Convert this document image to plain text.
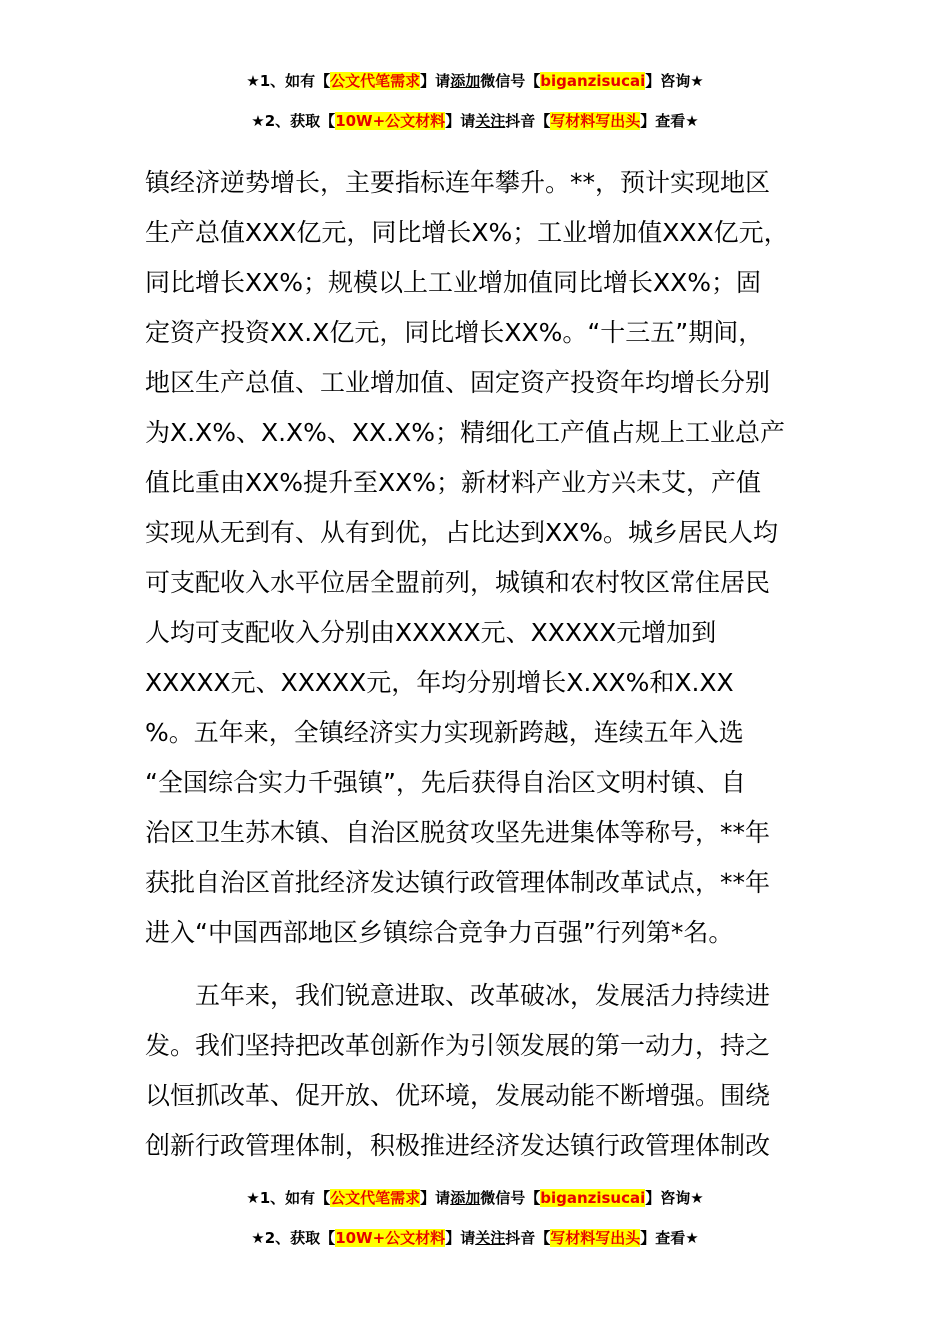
★1、如有【公文代笔需求】请添加微信号【biganzisucai】咨询★
★2、获取【10W+公文材料】请关注抖音【写材料写出头】查看★
镇经济逆势增长，主要指标连年攀升。**，预计实现地区
生产总值XXX亿元，同比增长X%；工业增加值XXX亿元，
同比增长XX%；规模以上工业增加值同比增长XX%；固
定资产投资XX.X亿元，同比增长XX%。“十三五”期间，
地区生产总值、工业增加值、固定资产投资年均增长分别
为X.X%、X.X%、XX.X%；精细化工产值占规上工业总产
值比重由XX%提升至XX%；新材料产业方兴未艾，产值
实现从无到有、从有到优，占比达到XX%。城乡居民人均
可支配收入水平位居全盟前列，城镇和农村牧区常住居民
人均可支配收入分别由XXXXX元、XXXXX元增加到
XXXXX元、XXXXX元，年均分别增长X.XX%和X.XX
%。五年来，全镇经济实力实现新跨越，连续五年入选
“全国综合实力千强镇”，先后获得自治区文明村镇、自
治区卫生苏木镇、自治区脱贫攻坚先进集体等称号，**年
获批自治区首批经济发达镇行政管理体制改革试点，**年
进入“中国西部地区乡镇综合竞争力百强”行列第*名。
五年来，我们锐意进取、改革破冰，发展活力持续进
发。我们坚持把改革创新作为引领发展的第一动力，持之
以恒抓改革、促开放、优环境，发展动能不断增强。围绕
创新行政管理体制，积极推进经济发达镇行政管理体制改
★1、如有【公文代笔需求】请添加微信号【biganzisucai】咨询★
★2、获取【10W+公文材料】请关注抖音【写材料写出头】查看★
